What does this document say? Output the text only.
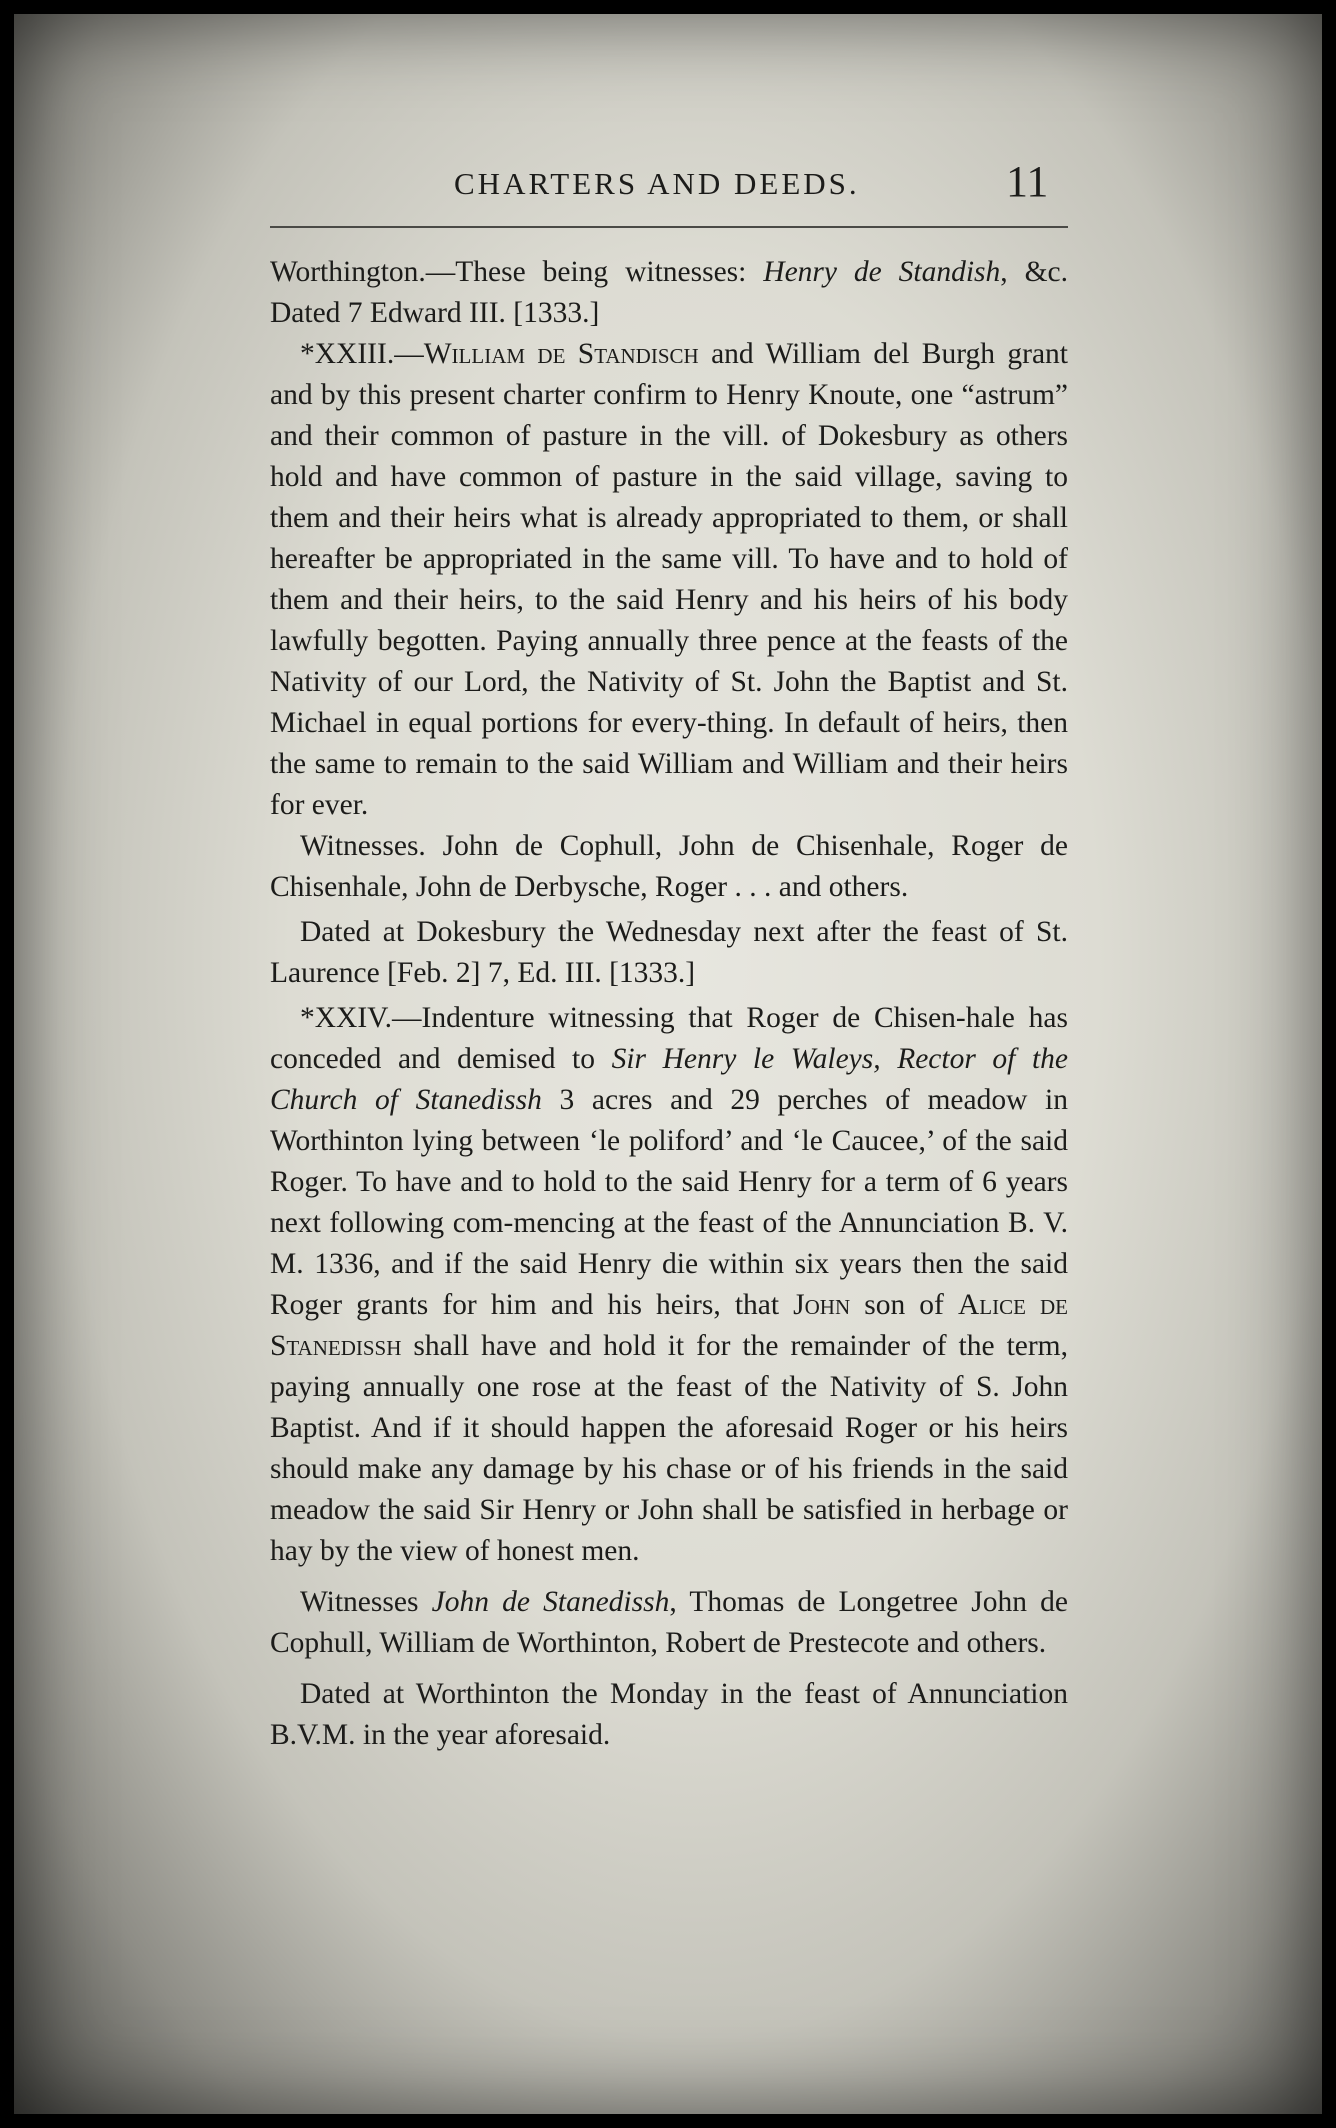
CHARTERS AND DEEDS.	11

Worthington.—These being witnesses: Henry de Standish, &c. Dated 7 Edward III. [1333.]

*XXIII.—William de Standisch and William del Burgh grant and by this present charter confirm to Henry Knoute, one “astrum” and their common of pasture in the vill. of Dokesbury as others hold and have common of pasture in the said village, saving to them and their heirs what is already appropriated to them, or shall hereafter be appropriated in the same vill. To have and to hold of them and their heirs, to the said Henry and his heirs of his body lawfully begotten. Paying annually three pence at the feasts of the Nativity of our Lord, the Nativity of St. John the Baptist and St. Michael in equal portions for every-thing. In default of heirs, then the same to remain to the said William and William and their heirs for ever.

Witnesses. John de Cophull, John de Chisenhale, Roger de Chisenhale, John de Derbysche, Roger . . . and others.

Dated at Dokesbury the Wednesday next after the feast of St. Laurence [Feb. 2] 7, Ed. III. [1333.]

*XXIV.—Indenture witnessing that Roger de Chisen-hale has conceded and demised to Sir Henry le Waleys, Rector of the Church of Stanedissh 3 acres and 29 perches of meadow in Worthinton lying between ‘le poliford’ and ‘le Caucee,’ of the said Roger. To have and to hold to the said Henry for a term of 6 years next following com-mencing at the feast of the Annunciation B. V. M. 1336, and if the said Henry die within six years then the said Roger grants for him and his heirs, that John son of Alice de Stanedissh shall have and hold it for the remainder of the term, paying annually one rose at the feast of the Nativity of S. John Baptist. And if it should happen the aforesaid Roger or his heirs should make any damage by his chase or of his friends in the said meadow the said Sir Henry or John shall be satisfied in herbage or hay by the view of honest men.

Witnesses John de Stanedissh, Thomas de Longetree John de Cophull, William de Worthinton, Robert de Prestecote and others.

Dated at Worthinton the Monday in the feast of Annunciation B.V.M. in the year aforesaid.
